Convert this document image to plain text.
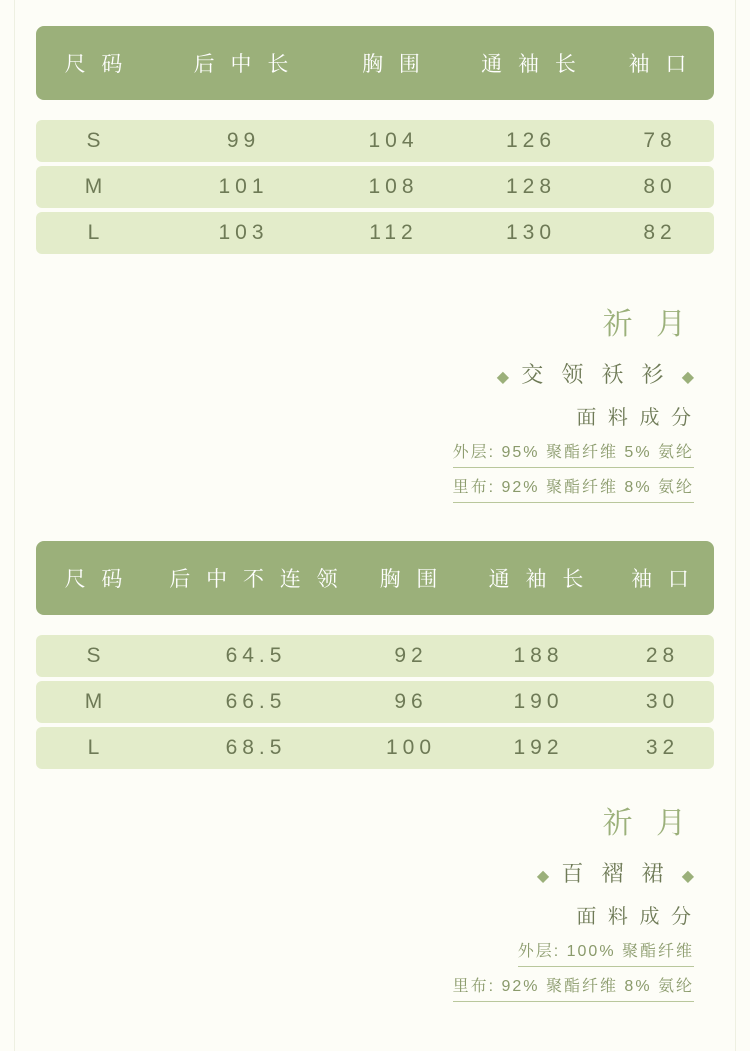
尺 码	后 中 长	胸 围	通 袖 长	袖 口

S	99	104	126	78
M	101	108	128	80
L	103	112	130	82

祈 月

◆ 交 领 袄 衫 ◆

面 料 成 分

外层: 95% 聚酯纤维 5% 氨纶
里布: 92% 聚酯纤维 8% 氨纶
尺 码	后 中 不 连 领	胸 围	通 袖 长	袖 口

S	64.5	92	188	28
M	66.5	96	190	30
L	68.5	100	192	32

祈 月

◆ 百 褶 裙 ◆

面 料 成 分

外层: 100% 聚酯纤维
里布: 92% 聚酯纤维 8% 氨纶
